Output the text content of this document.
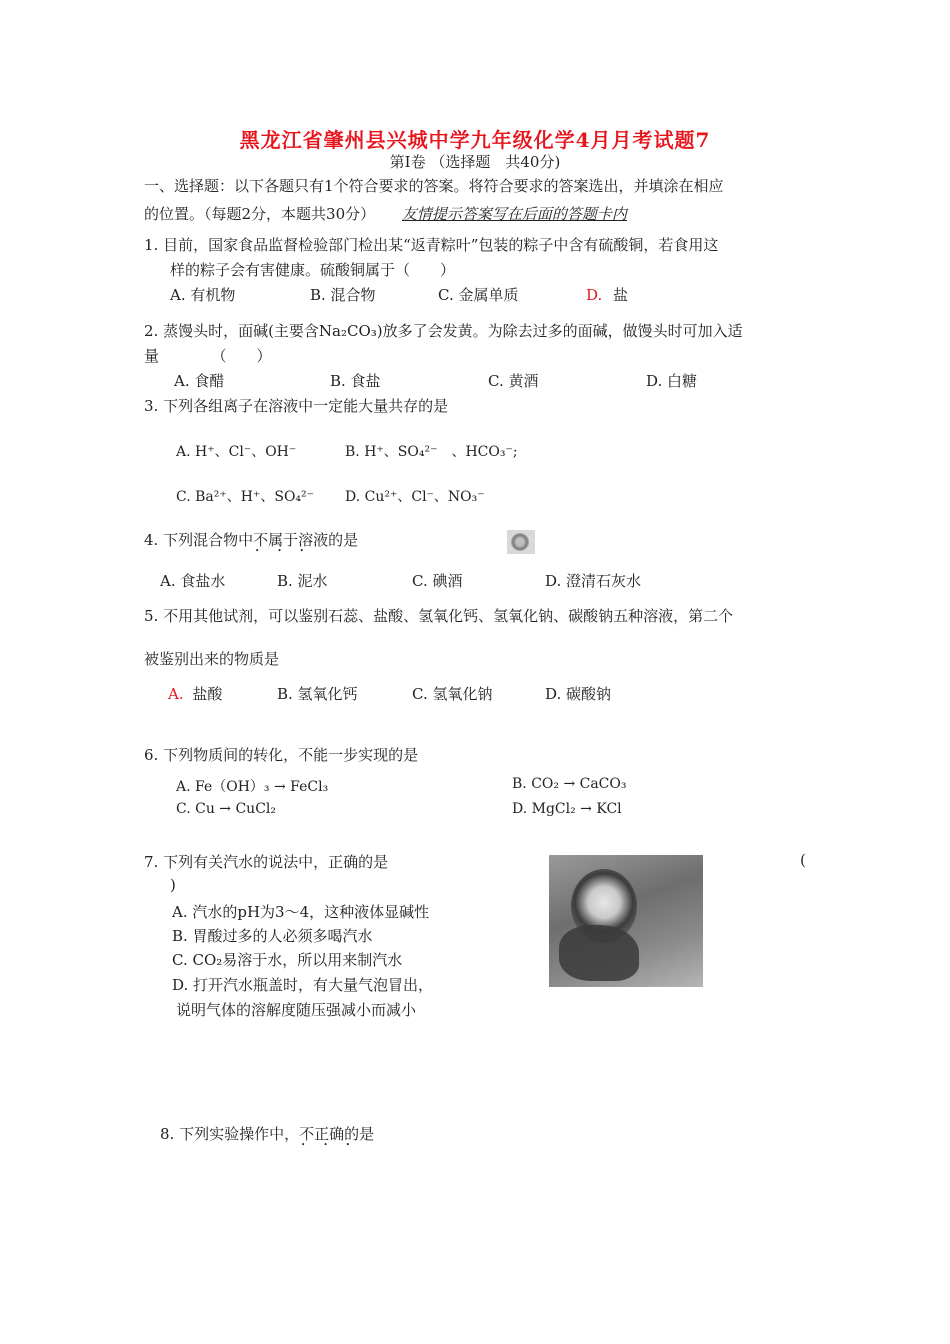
黑龙江省肇州县兴城中学九年级化学4月月考试题7
第Ⅰ卷 （选择题　共40分)
一、选择题：以下各题只有1个符合要求的答案。将符合要求的答案选出，并填涂在相应
的位置。（每题2分，本题共30分） 友情提示答案写在后面的答题卡内
1. 目前，国家食品监督检验部门检出某“返青粽叶”包装的粽子中含有硫酸铜，若食用这
样的粽子会有害健康。硫酸铜属于（　　）
A. 有机物	B. 混合物	C. 金属单质	D. 盐
2. 蒸馒头时，面碱(主要含Na₂CO₃)放多了会发黄。为除去过多的面碱，做馒头时可加入适
量　　　　（　　）
A. 食醋	B. 食盐	C. 黄酒	D. 白糖
3. 下列各组离子在溶液中一定能大量共存的是
A. H⁺、Cl⁻、OH⁻	B. H⁺、SO₄²⁻　、HCO₃⁻;
C. Ba²⁺、H⁺、SO₄²⁻ D. Cu²⁺、Cl⁻、NO₃⁻
4. 下列混合物中不属于 • • •溶液的是
A. 食盐水	B. 泥水	C. 碘酒	D. 澄清石灰水
5. 不用其他试剂，可以鉴别石蕊、盐酸、氢氧化钙、氢氧化钠、碳酸钠五种溶液，第二个
被鉴别出来的物质是
A. 盐酸	B. 氢氧化钙	C. 氢氧化钠	D. 碳酸钠
6. 下列物质间的转化，不能一步实现的是
A. Fe（OH）₃ → FeCl₃	B. CO₂ → CaCO₃
C. Cu → CuCl₂	D. MgCl₂ → KCl
7. 下列有关汽水的说法中，正确的是	(
)
A. 汽水的pH为3～4，这种液体显碱性
B. 胃酸过多的人必须多喝汽水
C. CO₂易溶于水，所以用来制汽水
D. 打开汽水瓶盖时，有大量气泡冒出，
说明气体的溶解度随压强减小而减小
8. 下列实验操作中，不正确 • • •的是
